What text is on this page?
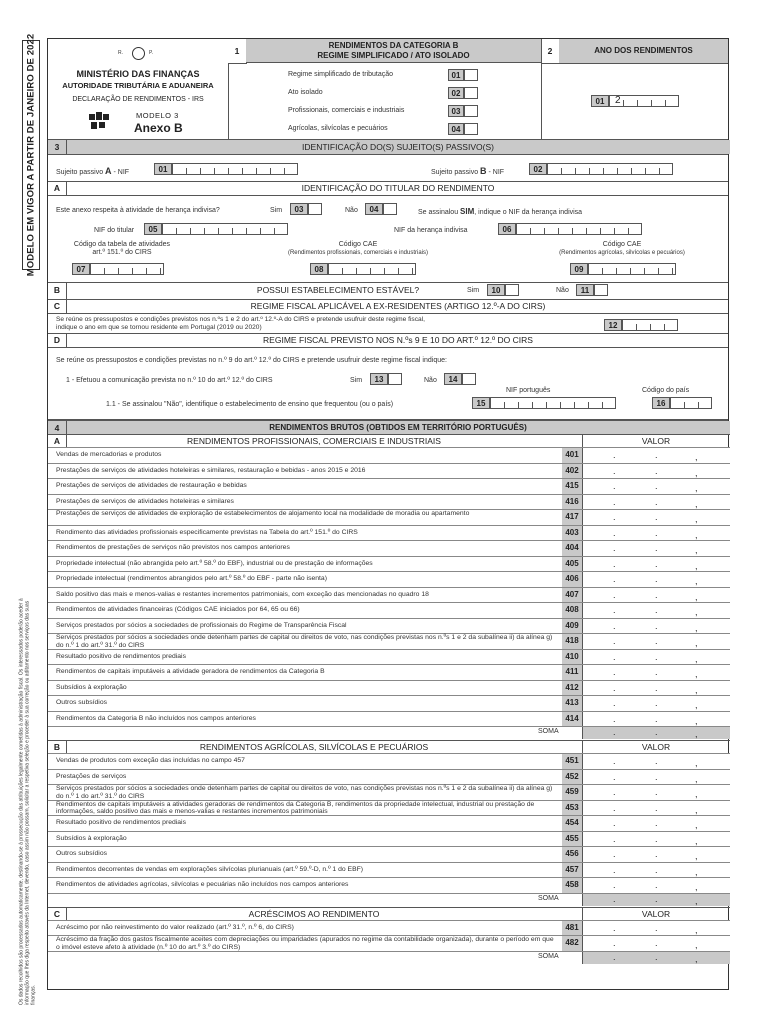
MODELO EM VIGOR A PARTIR DE JANEIRO DE 2022
Os dados recolhidos são processados automaticamente, destinando-se à prossecução das atribuições legalmente cometidas à administração fiscal. Os interessados poderão aceder à informação que lhes diga respeito através da Internet, devendo, caso assim não possam, solicitar a respetiva seleção e proceder à sua correção ou aditamento nos serviços das suas finanças.
R.	P.
MINISTÉRIO DAS FINANÇAS
AUTORIDADE TRIBUTÁRIA E ADUANEIRA
DECLARAÇÃO DE RENDIMENTOS - IRS
MODELO 3
Anexo B
1
RENDIMENTOS DA CATEGORIA B
REGIME SIMPLIFICADO / ATO ISOLADO
Regime simplificado de tributação	01
Ato isolado	02
Profissionais, comerciais e industriais	03
Agrícolas, silvícolas e pecuários	04
2	ANO DOS RENDIMENTOS
01	2
3	IDENTIFICAÇÃO DO(S) SUJEITO(S) PASSIVO(S)
Sujeito passivo A - NIF	01	Sujeito passivo B - NIF	02
A	IDENTIFICAÇÃO DO TITULAR DO RENDIMENTO
Este anexo respeita à atividade de herança indivisa?	Sim	03	Não	04	Se assinalou SIM, indique o NIF da herança indivisa
NIF do titular	05	NIF da herança indivisa	06
Código da tabela de atividades
art.º 151.º do CIRS
07
Código CAE
(Rendimentos profissionais, comerciais e industriais)
08
Código CAE
(Rendimentos agrícolas, silvícolas e pecuários)
09
B	POSSUI ESTABELECIMENTO ESTÁVEL?	Sim	10	Não	11
C	REGIME FISCAL APLICÁVEL A EX-RESIDENTES (ARTIGO 12.º-A DO CIRS)
Se reúne os pressupostos e condições previstos nos n.ºs 1 e 2 do art.º 12.º-A do CIRS e pretende usufruir deste regime fiscal,
indique o ano em que se tornou residente em Portugal (2019 ou 2020)	12
D	REGIME FISCAL PREVISTO NOS N.ºs 9 E 10 DO ART.º 12.º DO CIRS
Se reúne os pressupostos e condições previstas no n.º 9 do art.º 12.º do CIRS e pretende usufruir deste regime fiscal indique:
1 - Efetuou a comunicação prevista no n.º 10 do art.º 12.º do CIRS	Sim	13	Não	14
NIF português	Código do país
1.1 - Se assinalou "Não", identifique o estabelecimento de ensino que frequentou (ou o país)	15	16
4	RENDIMENTOS BRUTOS (OBTIDOS EM TERRITÓRIO PORTUGUÊS)
A	RENDIMENTOS PROFISSIONAIS, COMERCIAIS E INDUSTRIAIS	VALOR
Vendas de mercadorias e produtos	401	.	.	,
Prestações de serviços de atividades hoteleiras e similares, restauração e bebidas - anos 2015 e 2016	402	.	.	,
Prestações de serviços de atividades de restauração e bebidas	415	.	.	,
Prestações de serviços de atividades hoteleiras e similares	416	.	.	,
Prestações de serviços de atividades de exploração de estabelecimentos de alojamento local na modalidade de moradia ou apartamento	417	.	.	,
Rendimento das atividades profissionais especificamente previstas na Tabela do art.º 151.º do CIRS	403	.	.	,
Rendimentos de prestações de serviços não previstos nos campos anteriores	404	.	.	,
Propriedade intelectual (não abrangida pelo art.º 58.º do EBF), industrial ou de prestação de informações	405	.	.	,
Propriedade intelectual (rendimentos abrangidos pelo art.º 58.º do EBF - parte não isenta)	406	.	.	,
Saldo positivo das mais e menos-valias e restantes incrementos patrimoniais, com exceção das mencionadas no quadro 18	407	.	.	,
Rendimentos de atividades financeiras (Códigos CAE iniciados por 64, 65 ou 66)	408	.	.	,
Serviços prestados por sócios a sociedades de profissionais do Regime de Transparência Fiscal	409	.	.	,
Serviços prestados por sócios a sociedades onde detenham partes de capital ou direitos de voto, nas condições previstas nos n.ºs 1 e 2 da subalínea ii) da alínea g) do n.º 1 do art.º 31.º do CIRS	418	.	.	,
Resultado positivo de rendimentos prediais	410	.	.	,
Rendimentos de capitais imputáveis a atividade geradora de rendimentos da Categoria B	411	.	.	,
Subsídios à exploração	412	.	.	,
Outros subsídios	413	.	.	,
Rendimentos da Categoria B não incluídos nos campos anteriores	414	.	.	,
SOMA	.	.	,
B	RENDIMENTOS AGRÍCOLAS, SILVÍCOLAS E PECUÁRIOS	VALOR
Vendas de produtos com exceção das incluídas no campo 457	451	.	.	,
Prestações de serviços	452	.	.	,
Serviços prestados por sócios a sociedades onde detenham partes de capital ou direitos de voto, nas condições previstas nos n.ºs 1 e 2 da subalínea ii) da alínea g) do n.º 1 do art.º 31.º do CIRS	459	.	.	,
Rendimentos de capitais imputáveis a atividades geradoras de rendimentos da Categoria B, rendimentos da propriedade intelectual, industrial ou prestação de informações, saldo positivo das mais e menos-valias e restantes incrementos patrimoniais	453	.	.	,
Resultado positivo de rendimentos prediais	454	.	.	,
Subsídios à exploração	455	.	.	,
Outros subsídios	456	.	.	,
Rendimentos decorrentes de vendas em explorações silvícolas plurianuais (art.º 59.º-D, n.º 1 do EBF)	457	.	.	,
Rendimentos de atividades agrícolas, silvícolas e pecuárias não incluídos nos campos anteriores	458	.	.	,
SOMA	.	.	,
C	ACRÉSCIMOS AO RENDIMENTO	VALOR
Acréscimo por não reinvestimento do valor realizado (art.º 31.º, n.º 6, do CIRS)	481	.	.	,
Acréscimo da fração dos gastos fiscalmente aceites com depreciações ou imparidades (apurados no regime da contabilidade organizada), durante o período em que o imóvel esteve afeto à atividade (n.º 10 do art.º 3.º do CIRS)	482	.	.	,
SOMA	.	.	,
